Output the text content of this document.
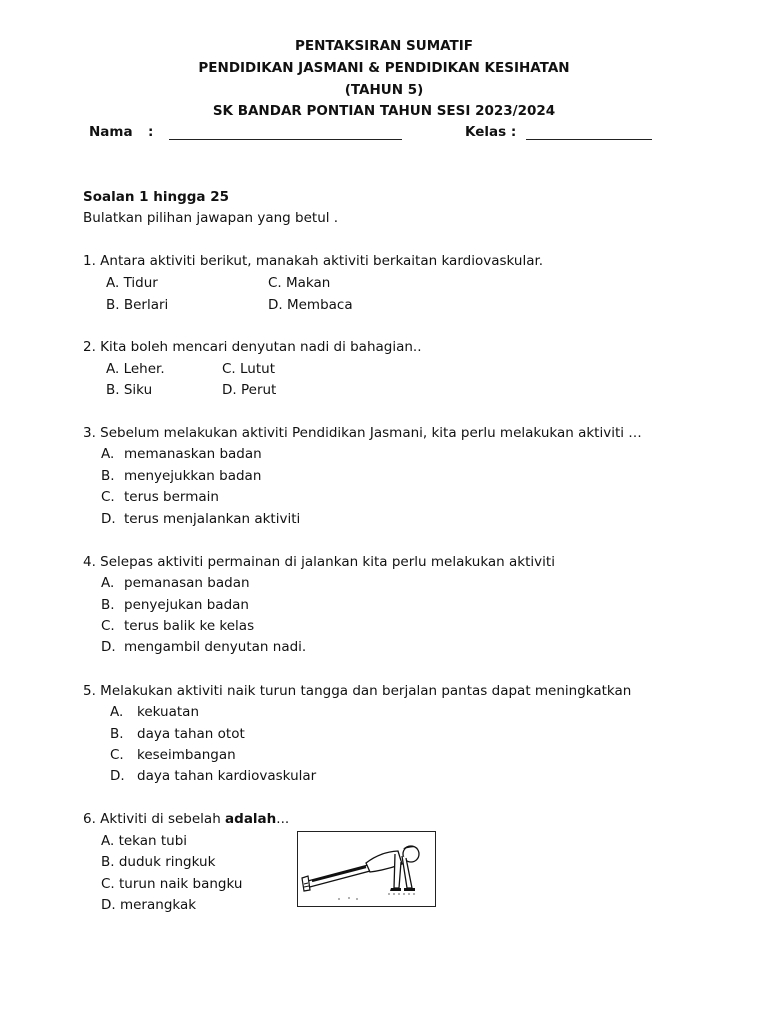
PENTAKSIRAN SUMATIF
PENDIDIKAN JASMANI & PENDIDIKAN KESIHATAN
(TAHUN 5)
SK BANDAR PONTIAN TAHUN SESI 2023/2024
Nama :	Kelas :
Soalan 1 hingga 25
Bulatkan pilihan jawapan yang betul .
1. Antara aktiviti berikut, manakah aktiviti berkaitan kardiovaskular.
A. Tidur	C. Makan
B. Berlari	D. Membaca
2. Kita boleh mencari denyutan nadi di bahagian..
A. Leher.	C. Lutut
B. Siku	D. Perut
3. Sebelum melakukan aktiviti Pendidikan Jasmani, kita perlu melakukan aktiviti …
A. memanaskan badan
B. menyejukkan badan
C. terus bermain
D. terus menjalankan aktiviti
4. Selepas aktiviti permainan di jalankan kita perlu melakukan aktiviti
A. pemanasan badan
B. penyejukan badan
C. terus balik ke kelas
D. mengambil denyutan nadi.
5. Melakukan aktiviti naik turun tangga dan berjalan pantas dapat meningkatkan
A. kekuatan
B. daya tahan otot
C. keseimbangan
D. daya tahan kardiovaskular
6. Aktiviti di sebelah adalah...
A. tekan tubi
B. duduk ringkuk
C. turun naik bangku
D. merangkak
